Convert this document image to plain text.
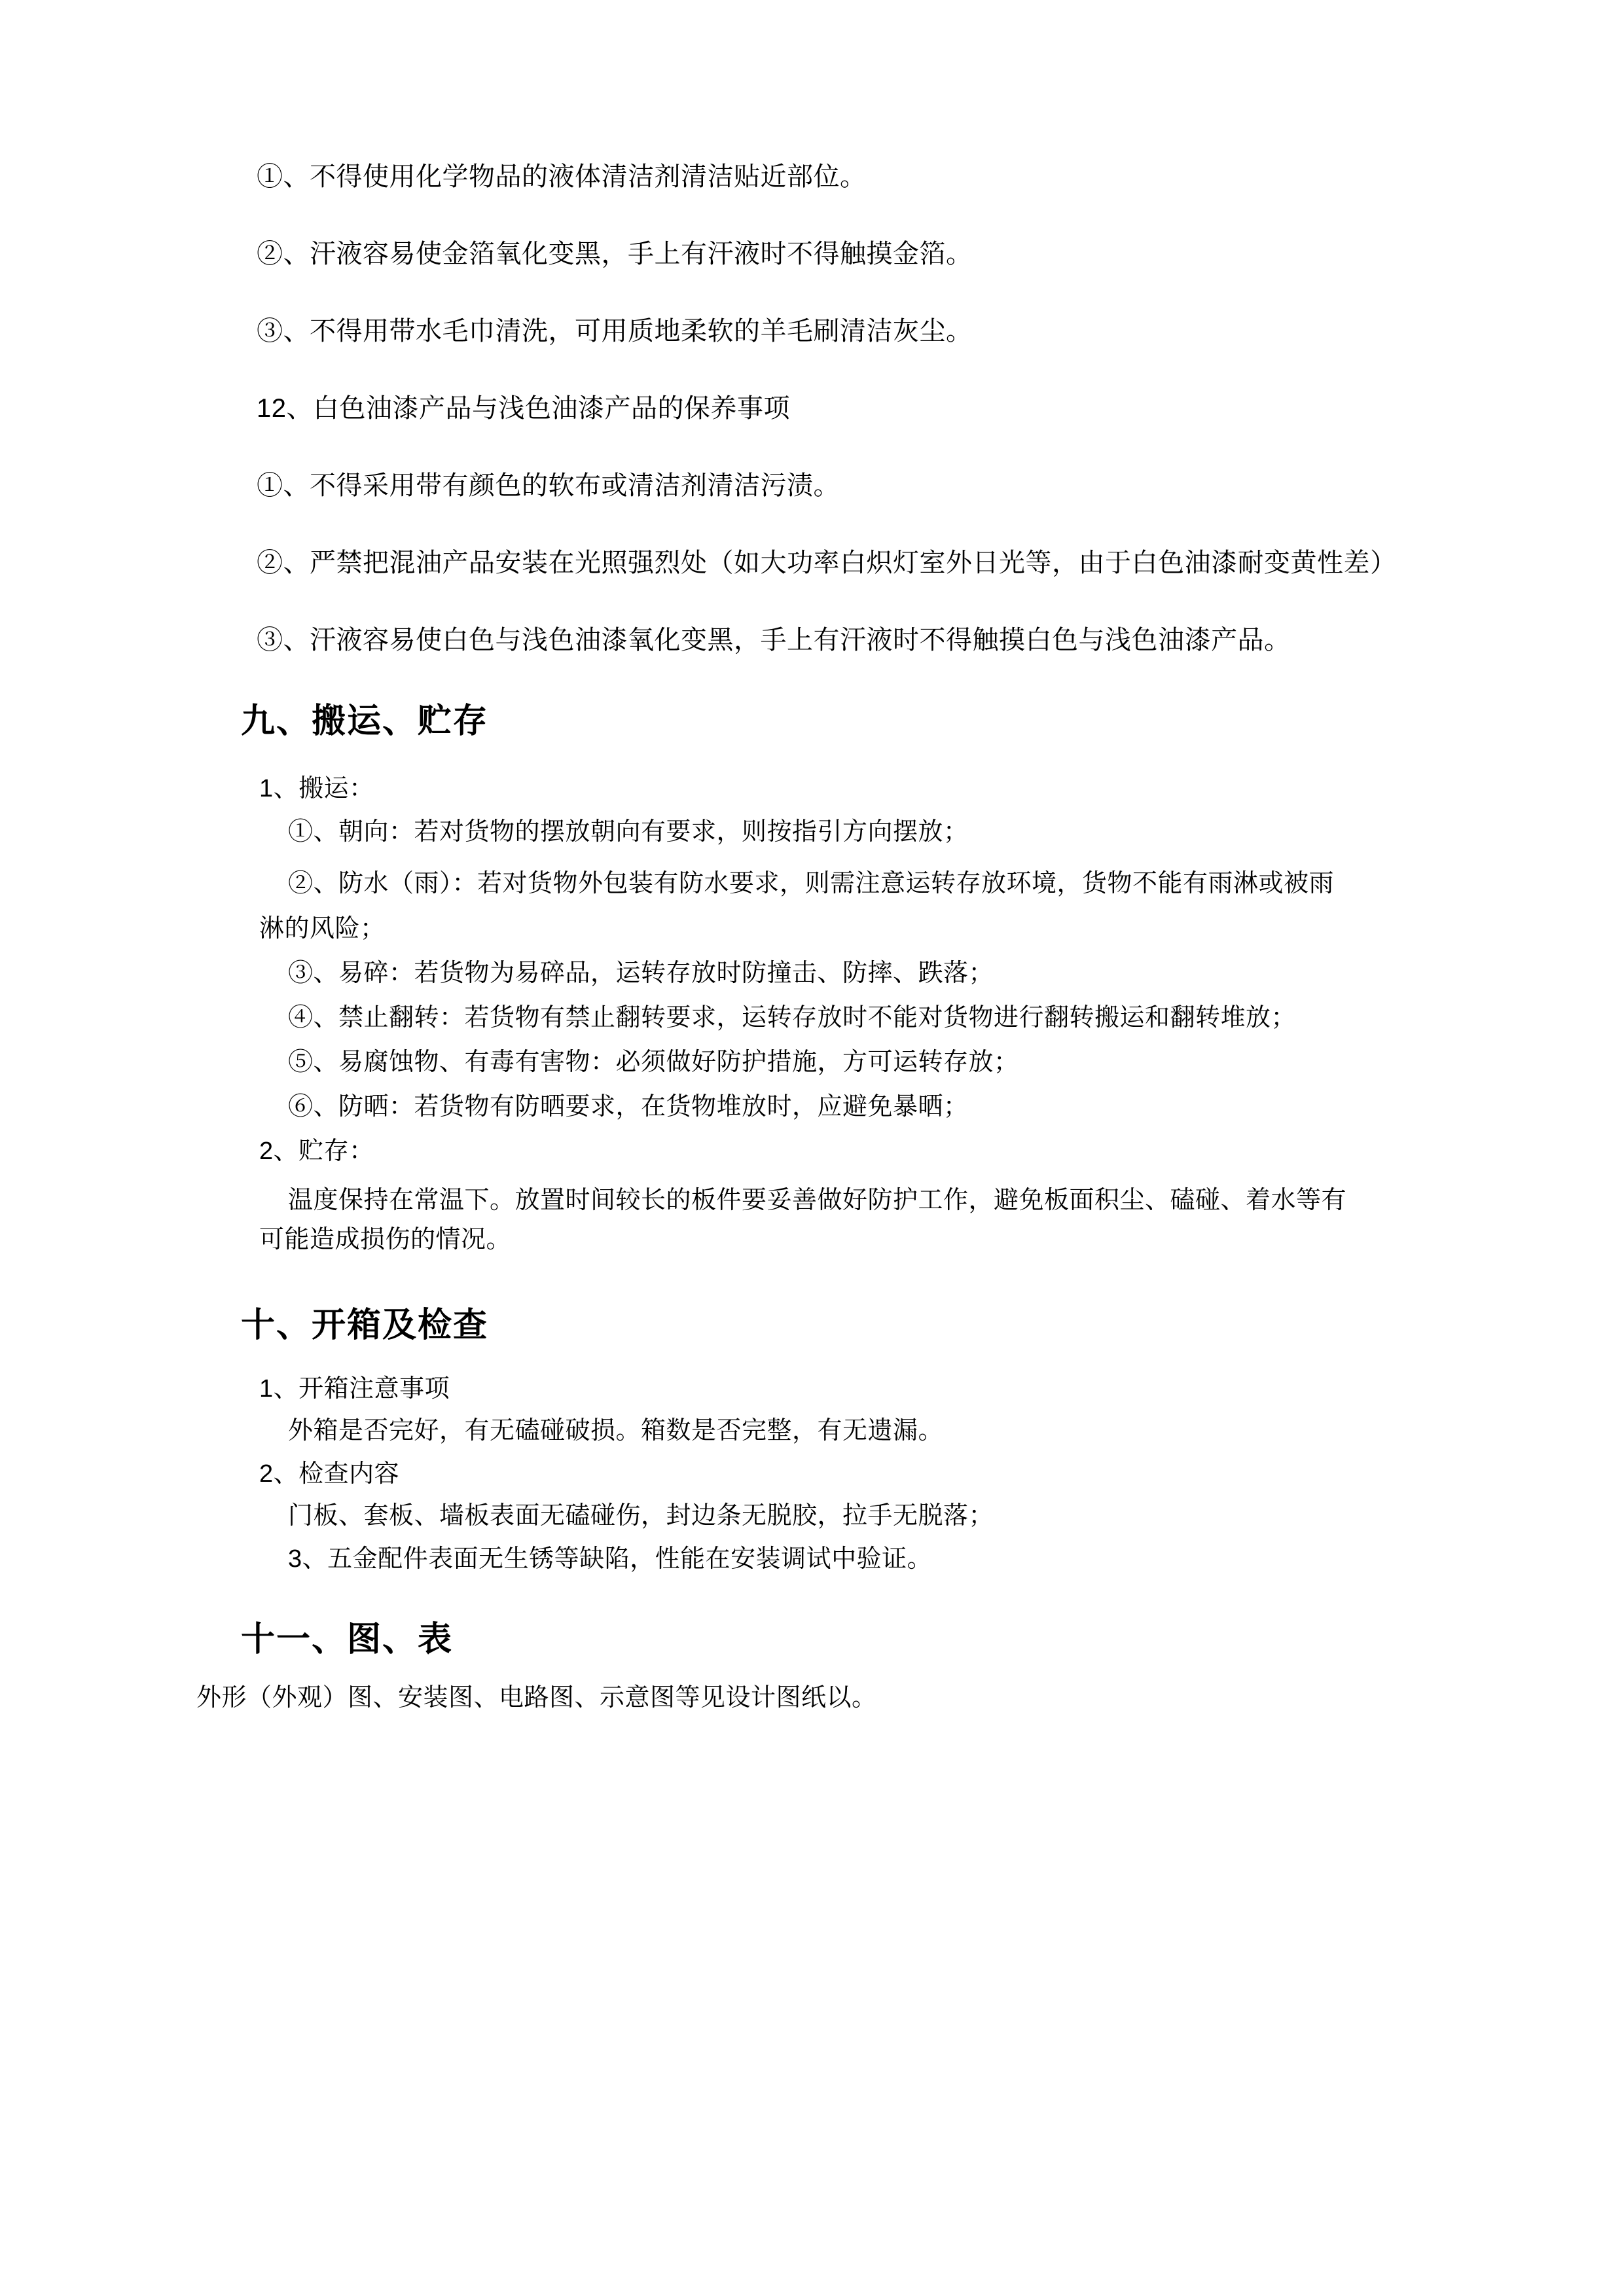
①、不得使用化学物品的液体清洁剂清洁贴近部位。

②、汗液容易使金箔氧化变黑，手上有汗液时不得触摸金箔。

③、不得用带水毛巾清洗，可用质地柔软的羊毛刷清洁灰尘。

12、白色油漆产品与浅色油漆产品的保养事项

①、不得采用带有颜色的软布或清洁剂清洁污渍。

②、严禁把混油产品安装在光照强烈处（如大功率白炽灯室外日光等，由于白色油漆耐变黄性差）

③、汗液容易使白色与浅色油漆氧化变黑，手上有汗液时不得触摸白色与浅色油漆产品。

九、搬运、贮存

1、搬运：

①、朝向：若对货物的摆放朝向有要求，则按指引方向摆放；

②、防水（雨）：若对货物外包装有防水要求，则需注意运转存放环境，货物不能有雨淋或被雨

淋的风险；

③、易碎：若货物为易碎品，运转存放时防撞击、防摔、跌落；

④、禁止翻转：若货物有禁止翻转要求，运转存放时不能对货物进行翻转搬运和翻转堆放；

⑤、易腐蚀物、有毒有害物：必须做好防护措施，方可运转存放；

⑥、防晒：若货物有防晒要求，在货物堆放时，应避免暴晒；

2、贮存：

温度保持在常温下。放置时间较长的板件要妥善做好防护工作，避免板面积尘、磕碰、着水等有

可能造成损伤的情况。

十、开箱及检查

1、开箱注意事项

外箱是否完好，有无磕碰破损。箱数是否完整，有无遗漏。

2、检查内容

门板、套板、墙板表面无磕碰伤，封边条无脱胶，拉手无脱落；

3、五金配件表面无生锈等缺陷，性能在安装调试中验证。

十一、图、表

外形（外观）图、安装图、电路图、示意图等见设计图纸以。
